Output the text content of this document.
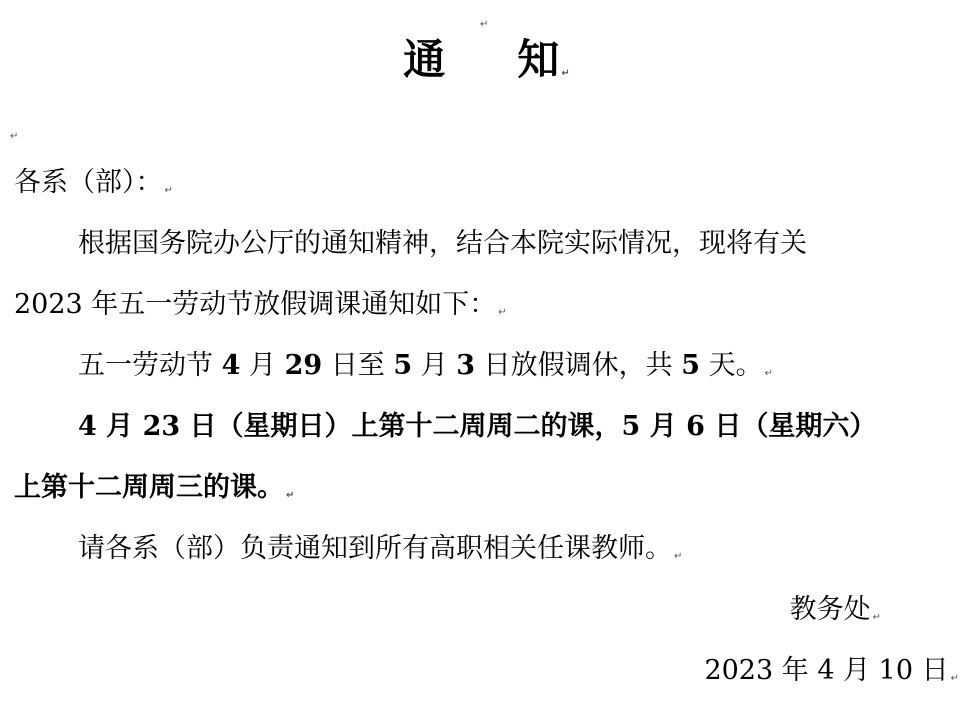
↵
通 知 ↵
↵

各系（部）： ↵

根据国务院办公厅的通知精神，结合本院实际情况，现将有关

2023 年五一劳动节放假调课通知如下： ↵

五一劳动节 4 月 29 日至 5 月 3 日放假调休，共 5 天。 ↵

4 月 23 日（星期日）上第十二周周二的课，5 月 6 日（星期六）

上第十二周周三的课。 ↵

请各系（部）负责通知到所有高职相关任课教师。 ↵

教务处 ↵

2023 年 4 月 10 日 ↵
